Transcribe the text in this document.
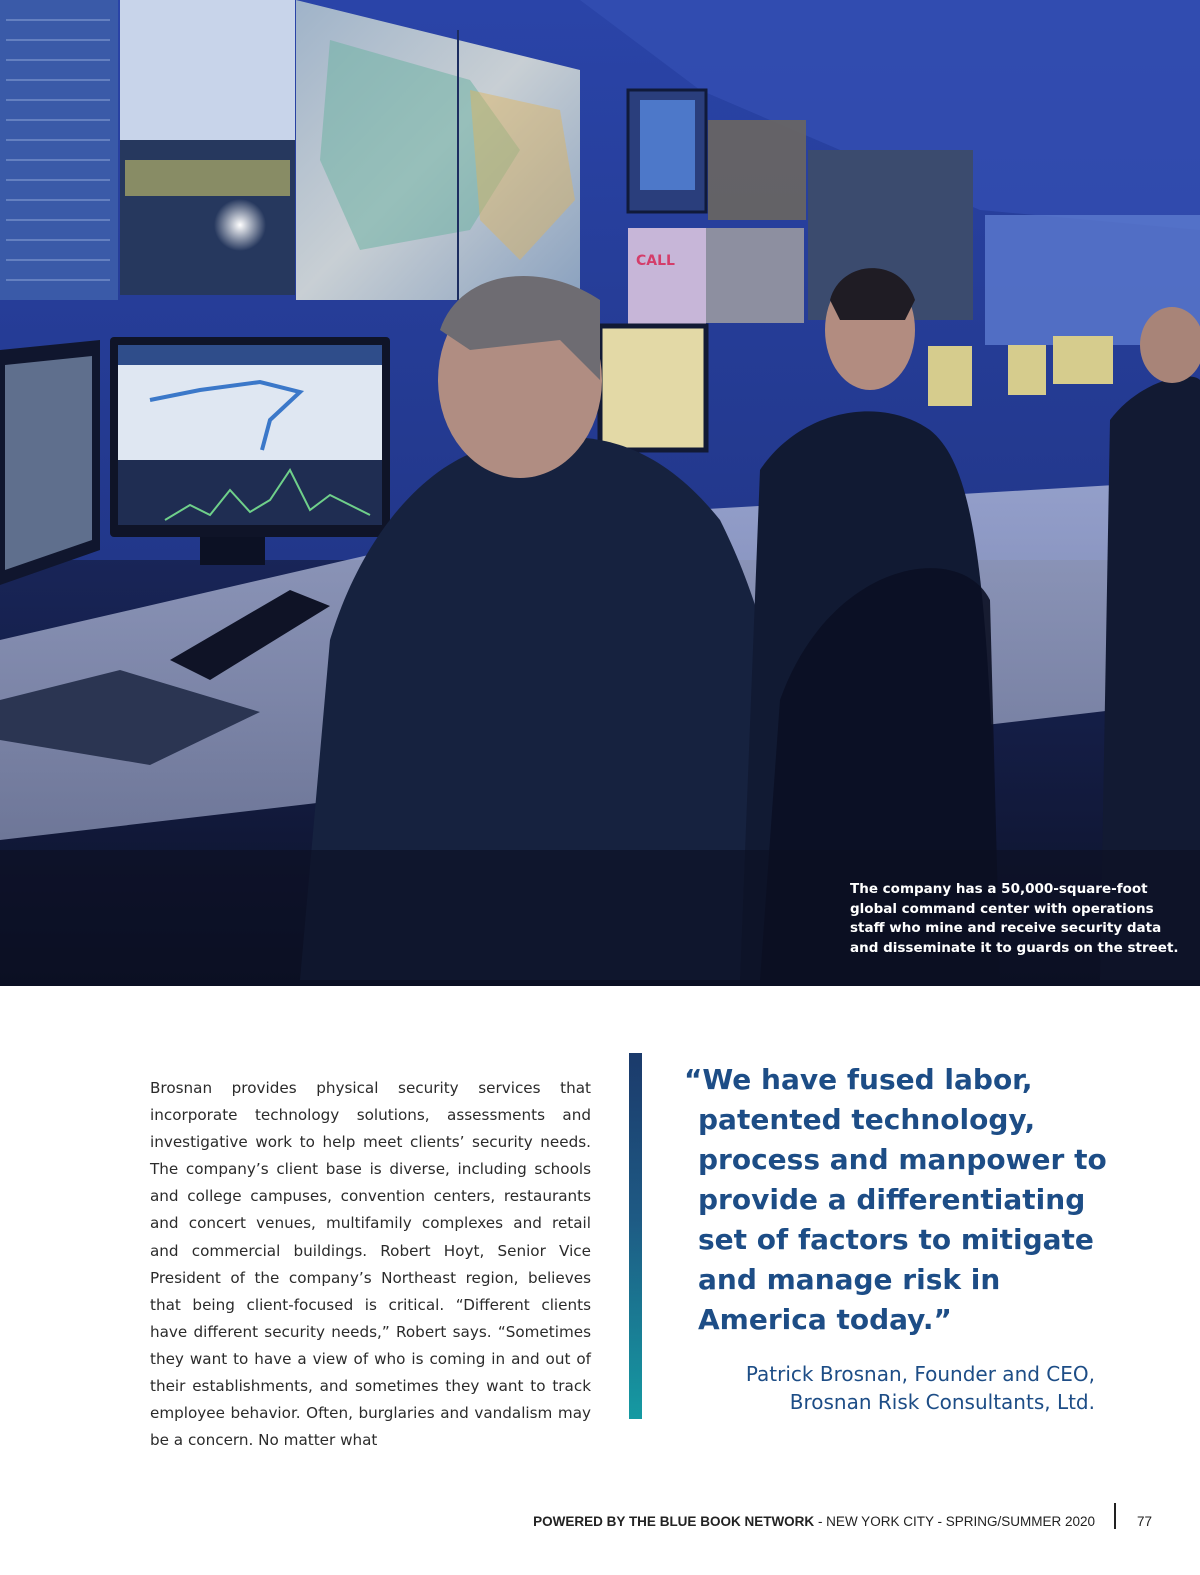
CALL
The company has a 50,000-square-foot global command center with operations staff who mine and receive security data and disseminate it to guards on the street.

Brosnan provides physical security services that incorporate technology solutions, assessments and investigative work to help meet clients’ security needs. The company’s client base is diverse, including schools and college campuses, convention centers, restaurants and concert venues, multifamily complexes and retail and commercial buildings. Robert Hoyt, Senior Vice President of the company’s Northeast region, believes that being client-focused is critical. “Different clients have different security needs,” Robert says. “Sometimes they want to have a view of who is coming in and out of their establishments, and sometimes they want to track employee behavior. Often, burglaries and vandalism may be a concern. No matter what

“We have fused labor,
patented technology,
process and manpower to
provide a differentiating
set of factors to mitigate
and manage risk in
America today.”

Patrick Brosnan, Founder and CEO,
Brosnan Risk Consultants, Ltd.
POWERED BY THE BLUE BOOK NETWORK - NEW YORK CITY - SPRING/SUMMER 2020	77
